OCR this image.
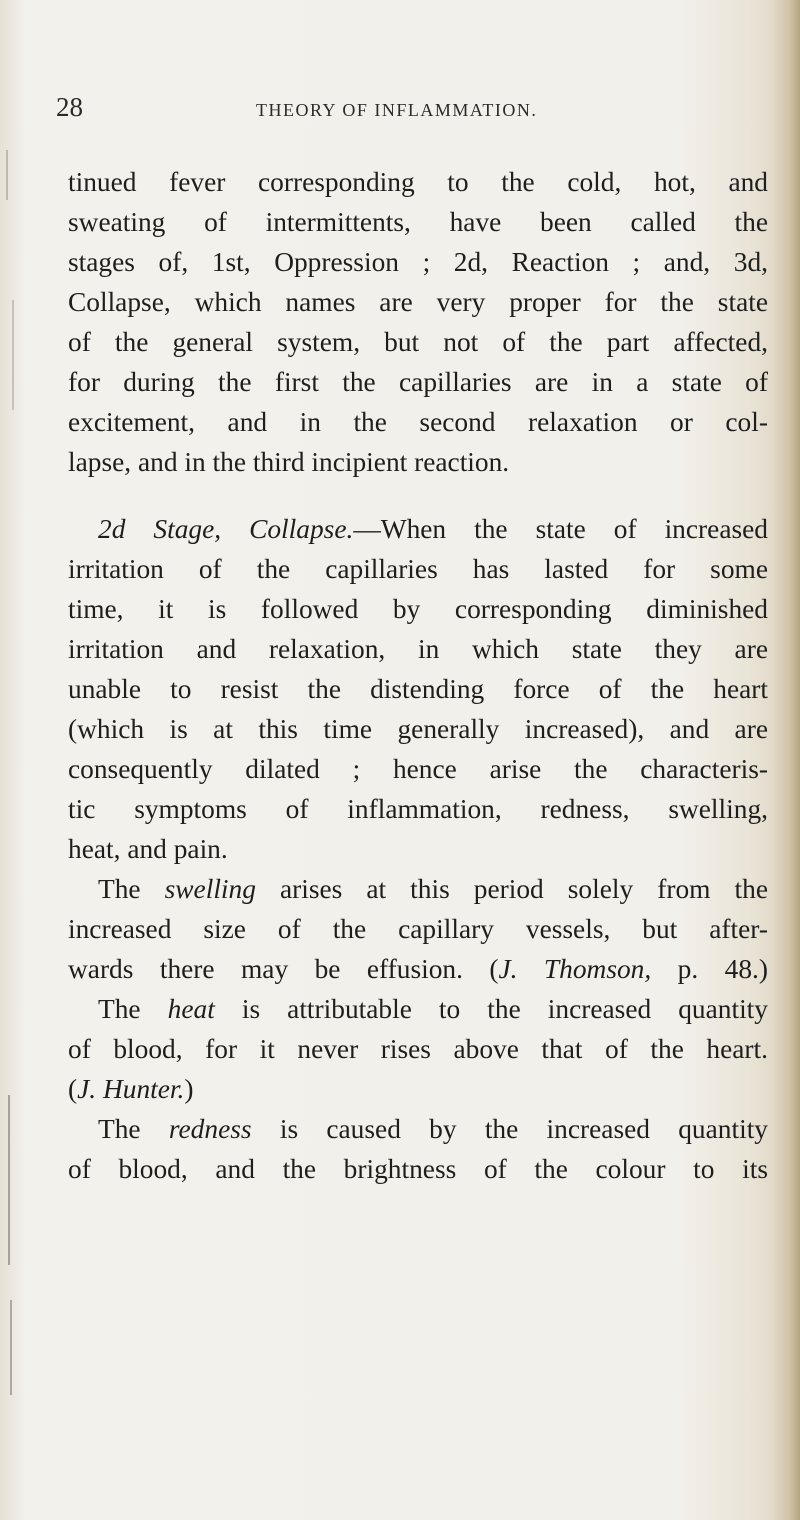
28	THEORY OF INFLAMMATION.
tinued fever corresponding to the cold, hot, and
sweating of intermittents, have been called the
stages of, 1st, Oppression ; 2d, Reaction ; and, 3d,
Collapse, which names are very proper for the state
of the general system, but not of the part affected,
for during the first the capillaries are in a state of
excitement, and in the second relaxation or col-
lapse, and in the third incipient reaction.
2d Stage, Collapse.—When the state of increased
irritation of the capillaries has lasted for some
time, it is followed by corresponding diminished
irritation and relaxation, in which state they are
unable to resist the distending force of the heart
(which is at this time generally increased), and are
consequently dilated ; hence arise the characteris-
tic symptoms of inflammation, redness, swelling,
heat, and pain.
The swelling arises at this period solely from the
increased size of the capillary vessels, but after-
wards there may be effusion. (J. Thomson, p. 48.)
The heat is attributable to the increased quantity
of blood, for it never rises above that of the heart.
(J. Hunter.)
The redness is caused by the increased quantity
of blood, and the brightness of the colour to its
